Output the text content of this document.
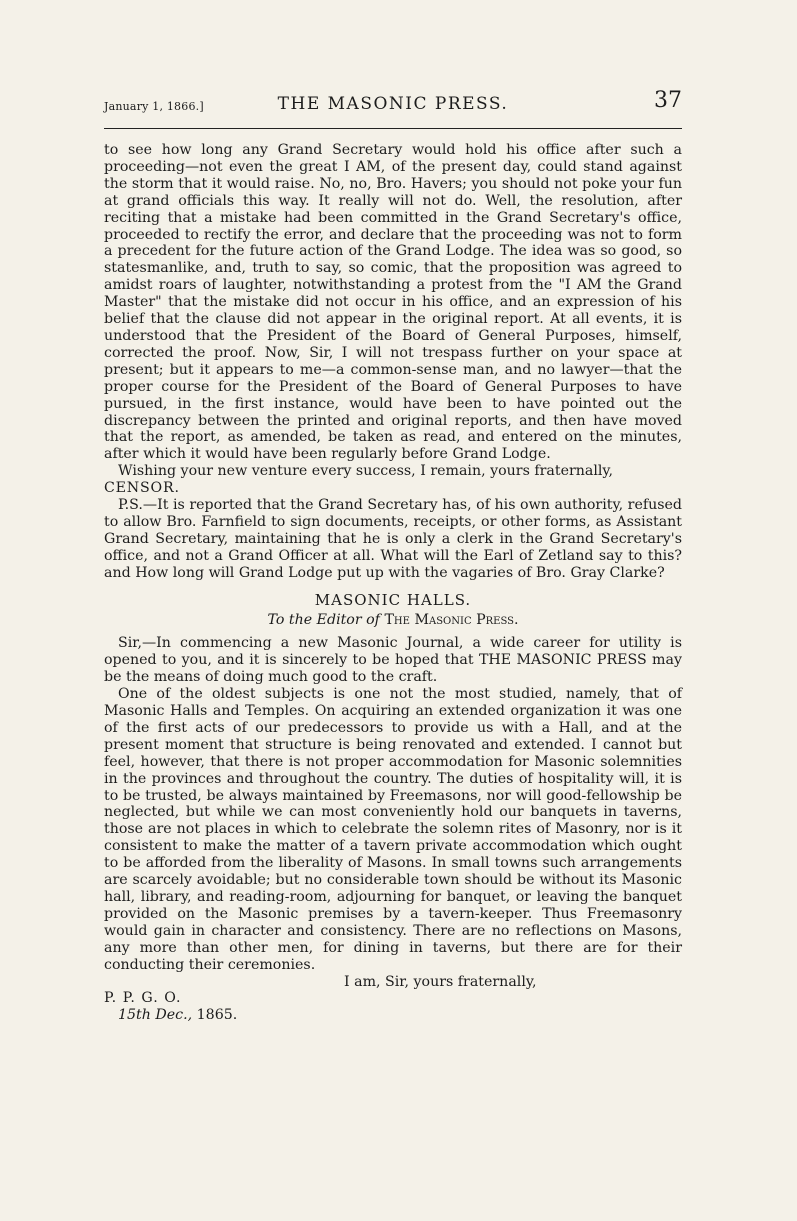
January 1, 1866.]	THE MASONIC PRESS.	37

to see how long any Grand Secretary would hold his office after such a proceeding—not even the great I AM, of the present day, could stand against the storm that it would raise. No, no, Bro. Havers; you should not poke your fun at grand officials this way. It really will not do. Well, the resolution, after reciting that a mistake had been committed in the Grand Secretary's office, proceeded to rectify the error, and declare that the proceeding was not to form a precedent for the future action of the Grand Lodge. The idea was so good, so statesmanlike, and, truth to say, so comic, that the proposition was agreed to amidst roars of laughter, notwithstanding a protest from the "I AM the Grand Master" that the mistake did not occur in his office, and an expression of his belief that the clause did not appear in the original report. At all events, it is understood that the President of the Board of General Purposes, himself, corrected the proof. Now, Sir, I will not trespass further on your space at present; but it appears to me—a common-sense man, and no lawyer—that the proper course for the President of the Board of General Purposes to have pursued, in the first instance, would have been to have pointed out the discrepancy between the printed and original reports, and then have moved that the report, as amended, be taken as read, and entered on the minutes, after which it would have been regularly before Grand Lodge.

Wishing your new venture every success, I remain, yours fraternally,

CENSOR.

P.S.—It is reported that the Grand Secretary has, of his own authority, refused to allow Bro. Farnfield to sign documents, receipts, or other forms, as Assistant Grand Secretary, maintaining that he is only a clerk in the Grand Secretary's office, and not a Grand Officer at all. What will the Earl of Zetland say to this? and How long will Grand Lodge put up with the vagaries of Bro. Gray Clarke?

MASONIC HALLS.
To the Editor of The Masonic Press.

Sir,—In commencing a new Masonic Journal, a wide career for utility is opened to you, and it is sincerely to be hoped that THE MASONIC PRESS may be the means of doing much good to the craft.

One of the oldest subjects is one not the most studied, namely, that of Masonic Halls and Temples. On acquiring an extended organization it was one of the first acts of our predecessors to provide us with a Hall, and at the present moment that structure is being renovated and extended. I cannot but feel, however, that there is not proper accommodation for Masonic solemnities in the provinces and throughout the country. The duties of hospitality will, it is to be trusted, be always maintained by Freemasons, nor will good-fellowship be neglected, but while we can most conveniently hold our banquets in taverns, those are not places in which to celebrate the solemn rites of Masonry, nor is it consistent to make the matter of a tavern private accommodation which ought to be afforded from the liberality of Masons. In small towns such arrangements are scarcely avoidable; but no considerable town should be without its Masonic hall, library, and reading-room, adjourning for banquet, or leaving the banquet provided on the Masonic premises by a tavern-keeper. Thus Freemasonry would gain in character and consistency. There are no reflections on Masons, any more than other men, for dining in taverns, but there are for their conducting their ceremonies.

I am, Sir, yours fraternally,

P. P. G. O.

15th Dec., 1865.
